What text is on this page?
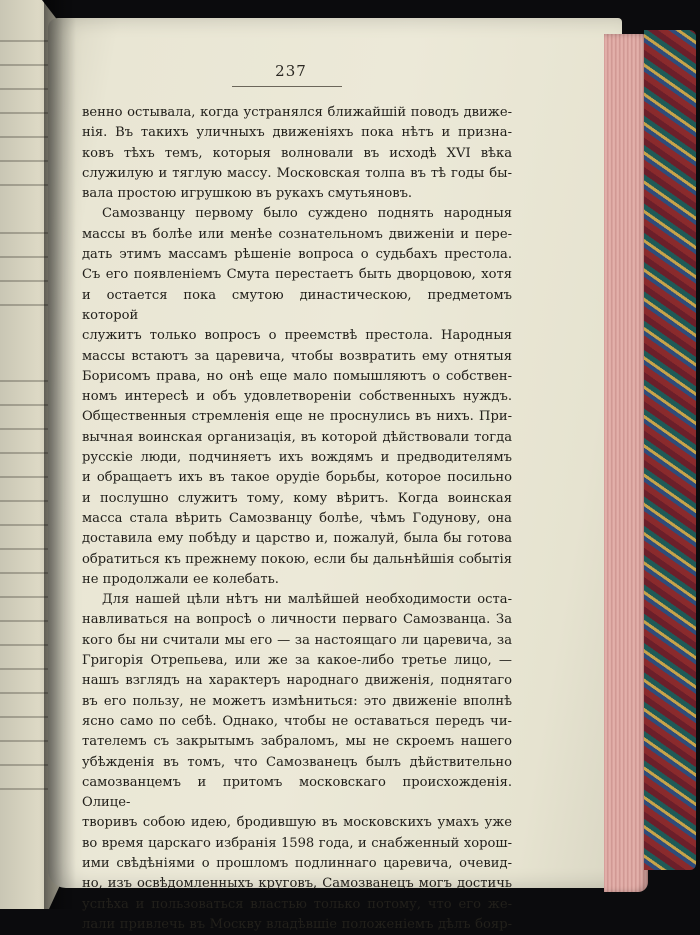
237

венно остывала, когда устранялся ближайшій поводъ движе-

нія. Въ такихъ уличныхъ движеніяхъ пока нѣтъ и призна-

ковъ тѣхъ темъ, которыя волновали въ исходѣ XVI вѣка

служилую и тяглую массу. Московская толпа въ тѣ годы бы-

вала простою игрушкою въ рукахъ смутьяновъ.

Самозванцу первому было суждено поднять народныя

массы въ болѣе или менѣе сознательномъ движеніи и пере-

дать этимъ массамъ рѣшеніе вопроса о судьбахъ престола.

Съ его появленіемъ Смута перестаетъ быть дворцовою, хотя

и остается пока смутою династическою, предметомъ которой

служитъ только вопросъ о преемствѣ престола. Народныя

массы встаютъ за царевича, чтобы возвратить ему отнятыя

Борисомъ права, но онѣ еще мало помышляютъ о собствен-

номъ интересѣ и объ удовлетвореніи собственныхъ нуждъ.

Общественныя стремленія еще не проснулись въ нихъ. При-

вычная воинская организація, въ которой дѣйствовали тогда

русскіе люди, подчиняетъ ихъ вождямъ и предводителямъ

и обращаетъ ихъ въ такое орудіе борьбы, которое посильно

и послушно служитъ тому, кому вѣритъ. Когда воинская

масса стала вѣрить Самозванцу болѣе, чѣмъ Годунову, она

доставила ему побѣду и царство и, пожалуй, была бы готова

обратиться къ прежнему покою, если бы дальнѣйшія событія

не продолжали ее колебать.

Для нашей цѣли нѣтъ ни малѣйшей необходимости оста-

навливаться на вопросѣ о личности перваго Самозванца. За

кого бы ни считали мы его — за настоящаго ли царевича, за

Григорія Отрепьева, или же за какое-либо третье лицо, —

нашъ взглядъ на характеръ народнаго движенія, поднятаго

въ его пользу, не можетъ измѣниться: это движеніе вполнѣ

ясно само по себѣ. Однако, чтобы не оставаться передъ чи-

тателемъ съ закрытымъ забраломъ, мы не скроемъ нашего

убѣжденія въ томъ, что Самозванецъ былъ дѣйствительно

самозванцемъ и притомъ московскаго происхожденія. Олице-

творивъ собою идею, бродившую въ московскихъ умахъ уже

во время царскаго избранія 1598 года, и снабженный хорош-

ими свѣдѣніями о прошломъ подлиннаго царевича, очевид-

но, изъ освѣдомленныхъ круговъ, Самозванецъ могъ достичь

успѣха и пользоваться властью только потому, что его же-

лали привлечь въ Москву владѣвшіе положеніемъ дѣлъ бояр-
